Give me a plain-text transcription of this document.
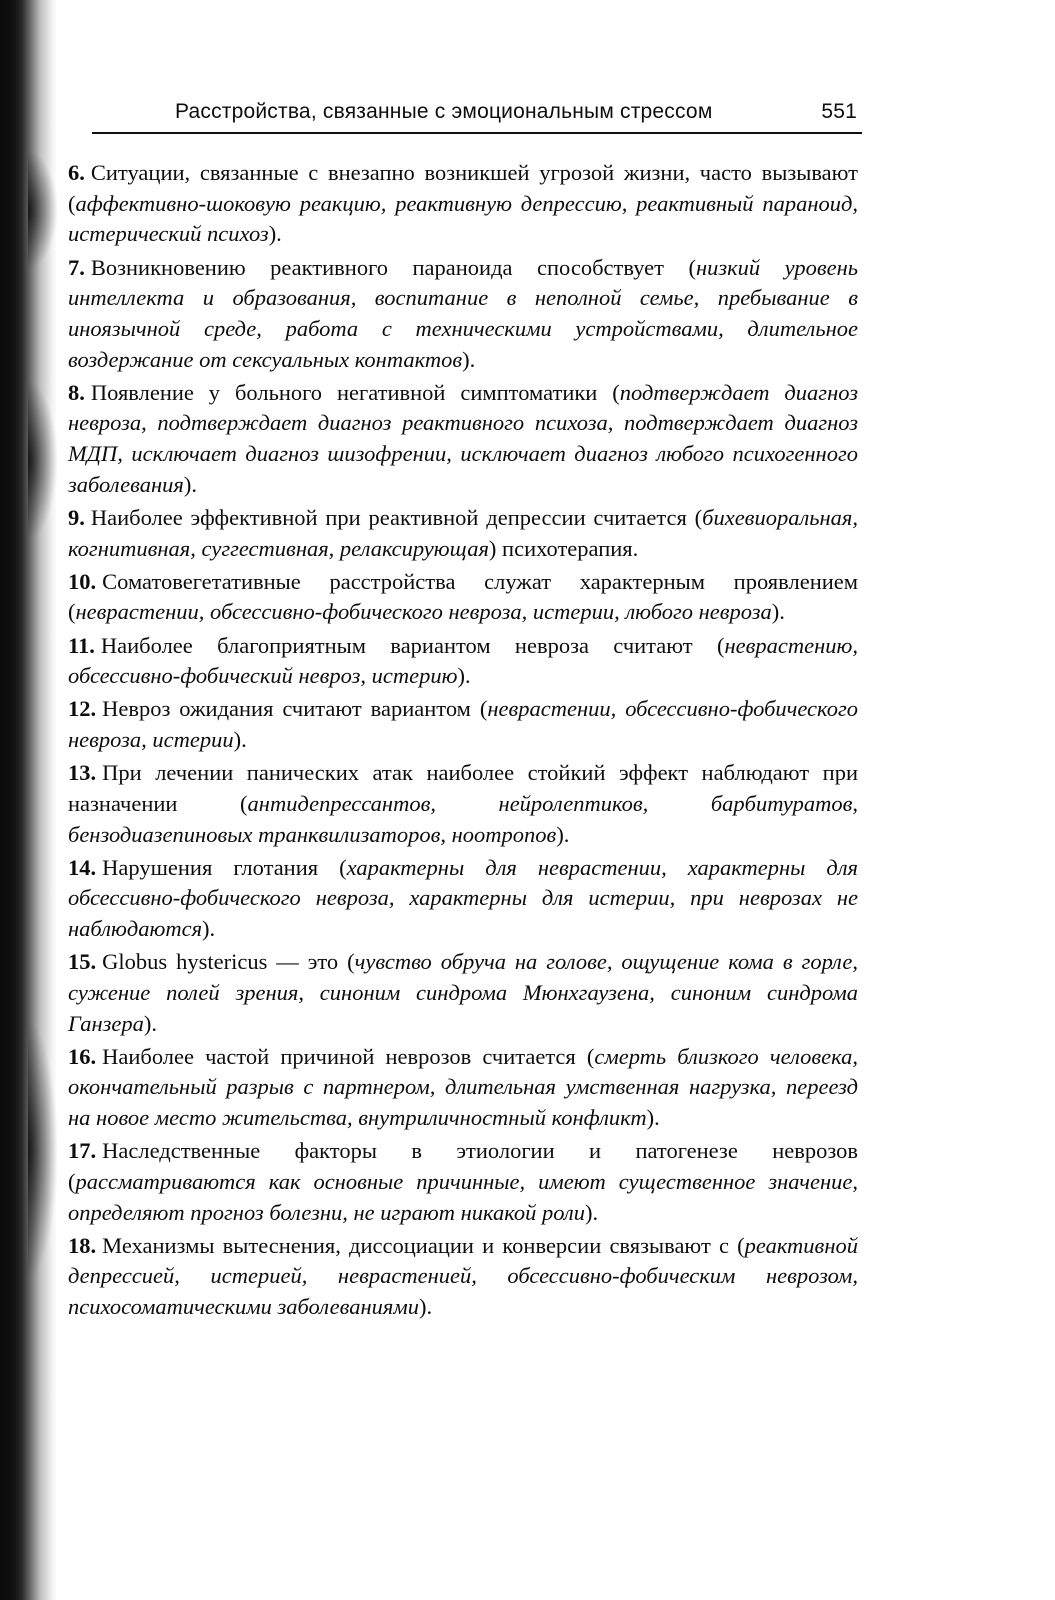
Расстройства, связанные с эмоциональным стрессом	551

6. Ситуации, связанные с внезапно возникшей угрозой жизни, часто вызывают (аффективно-шоковую реакцию, реактивную депрессию, реактивный параноид, истерический психоз).

7. Возникновению реактивного параноида способствует (низкий уровень интеллекта и образования, воспитание в неполной семье, пребывание в иноязычной среде, работа с техническими устройствами, длительное воздержание от сексуальных контактов).

8. Появление у больного негативной симптоматики (подтверждает диагноз невроза, подтверждает диагноз реактивного психоза, подтверждает диагноз МДП, исключает диагноз шизофрении, исключает диагноз любого психогенного заболевания).

9. Наиболее эффективной при реактивной депрессии считается (бихевиоральная, когнитивная, суггестивная, релаксирующая) психотерапия.

10. Соматовегетативные расстройства служат характерным проявлением (неврастении, обсессивно-фобического невроза, истерии, любого невроза).

11. Наиболее благоприятным вариантом невроза считают (неврастению, обсессивно-фобический невроз, истерию).

12. Невроз ожидания считают вариантом (неврастении, обсессивно-фобического невроза, истерии).

13. При лечении панических атак наиболее стойкий эффект наблюдают при назначении (антидепрессантов, нейролептиков, барбитуратов, бензодиазепиновых транквилизаторов, ноотропов).

14. Нарушения глотания (характерны для неврастении, характерны для обсессивно-фобического невроза, характерны для истерии, при неврозах не наблюдаются).

15. Globus hystericus — это (чувство обруча на голове, ощущение кома в горле, сужение полей зрения, синоним синдрома Мюнхгаузена, синоним синдрома Ганзера).

16. Наиболее частой причиной неврозов считается (смерть близкого человека, окончательный разрыв с партнером, длительная умственная нагрузка, переезд на новое место жительства, внутриличностный конфликт).

17. Наследственные факторы в этиологии и патогенезе неврозов (рассматриваются как основные причинные, имеют существенное значение, определяют прогноз болезни, не играют никакой роли).

18. Механизмы вытеснения, диссоциации и конверсии связывают с (реактивной депрессией, истерией, неврастенией, обсессивно-фобическим неврозом, психосоматическими заболеваниями).
